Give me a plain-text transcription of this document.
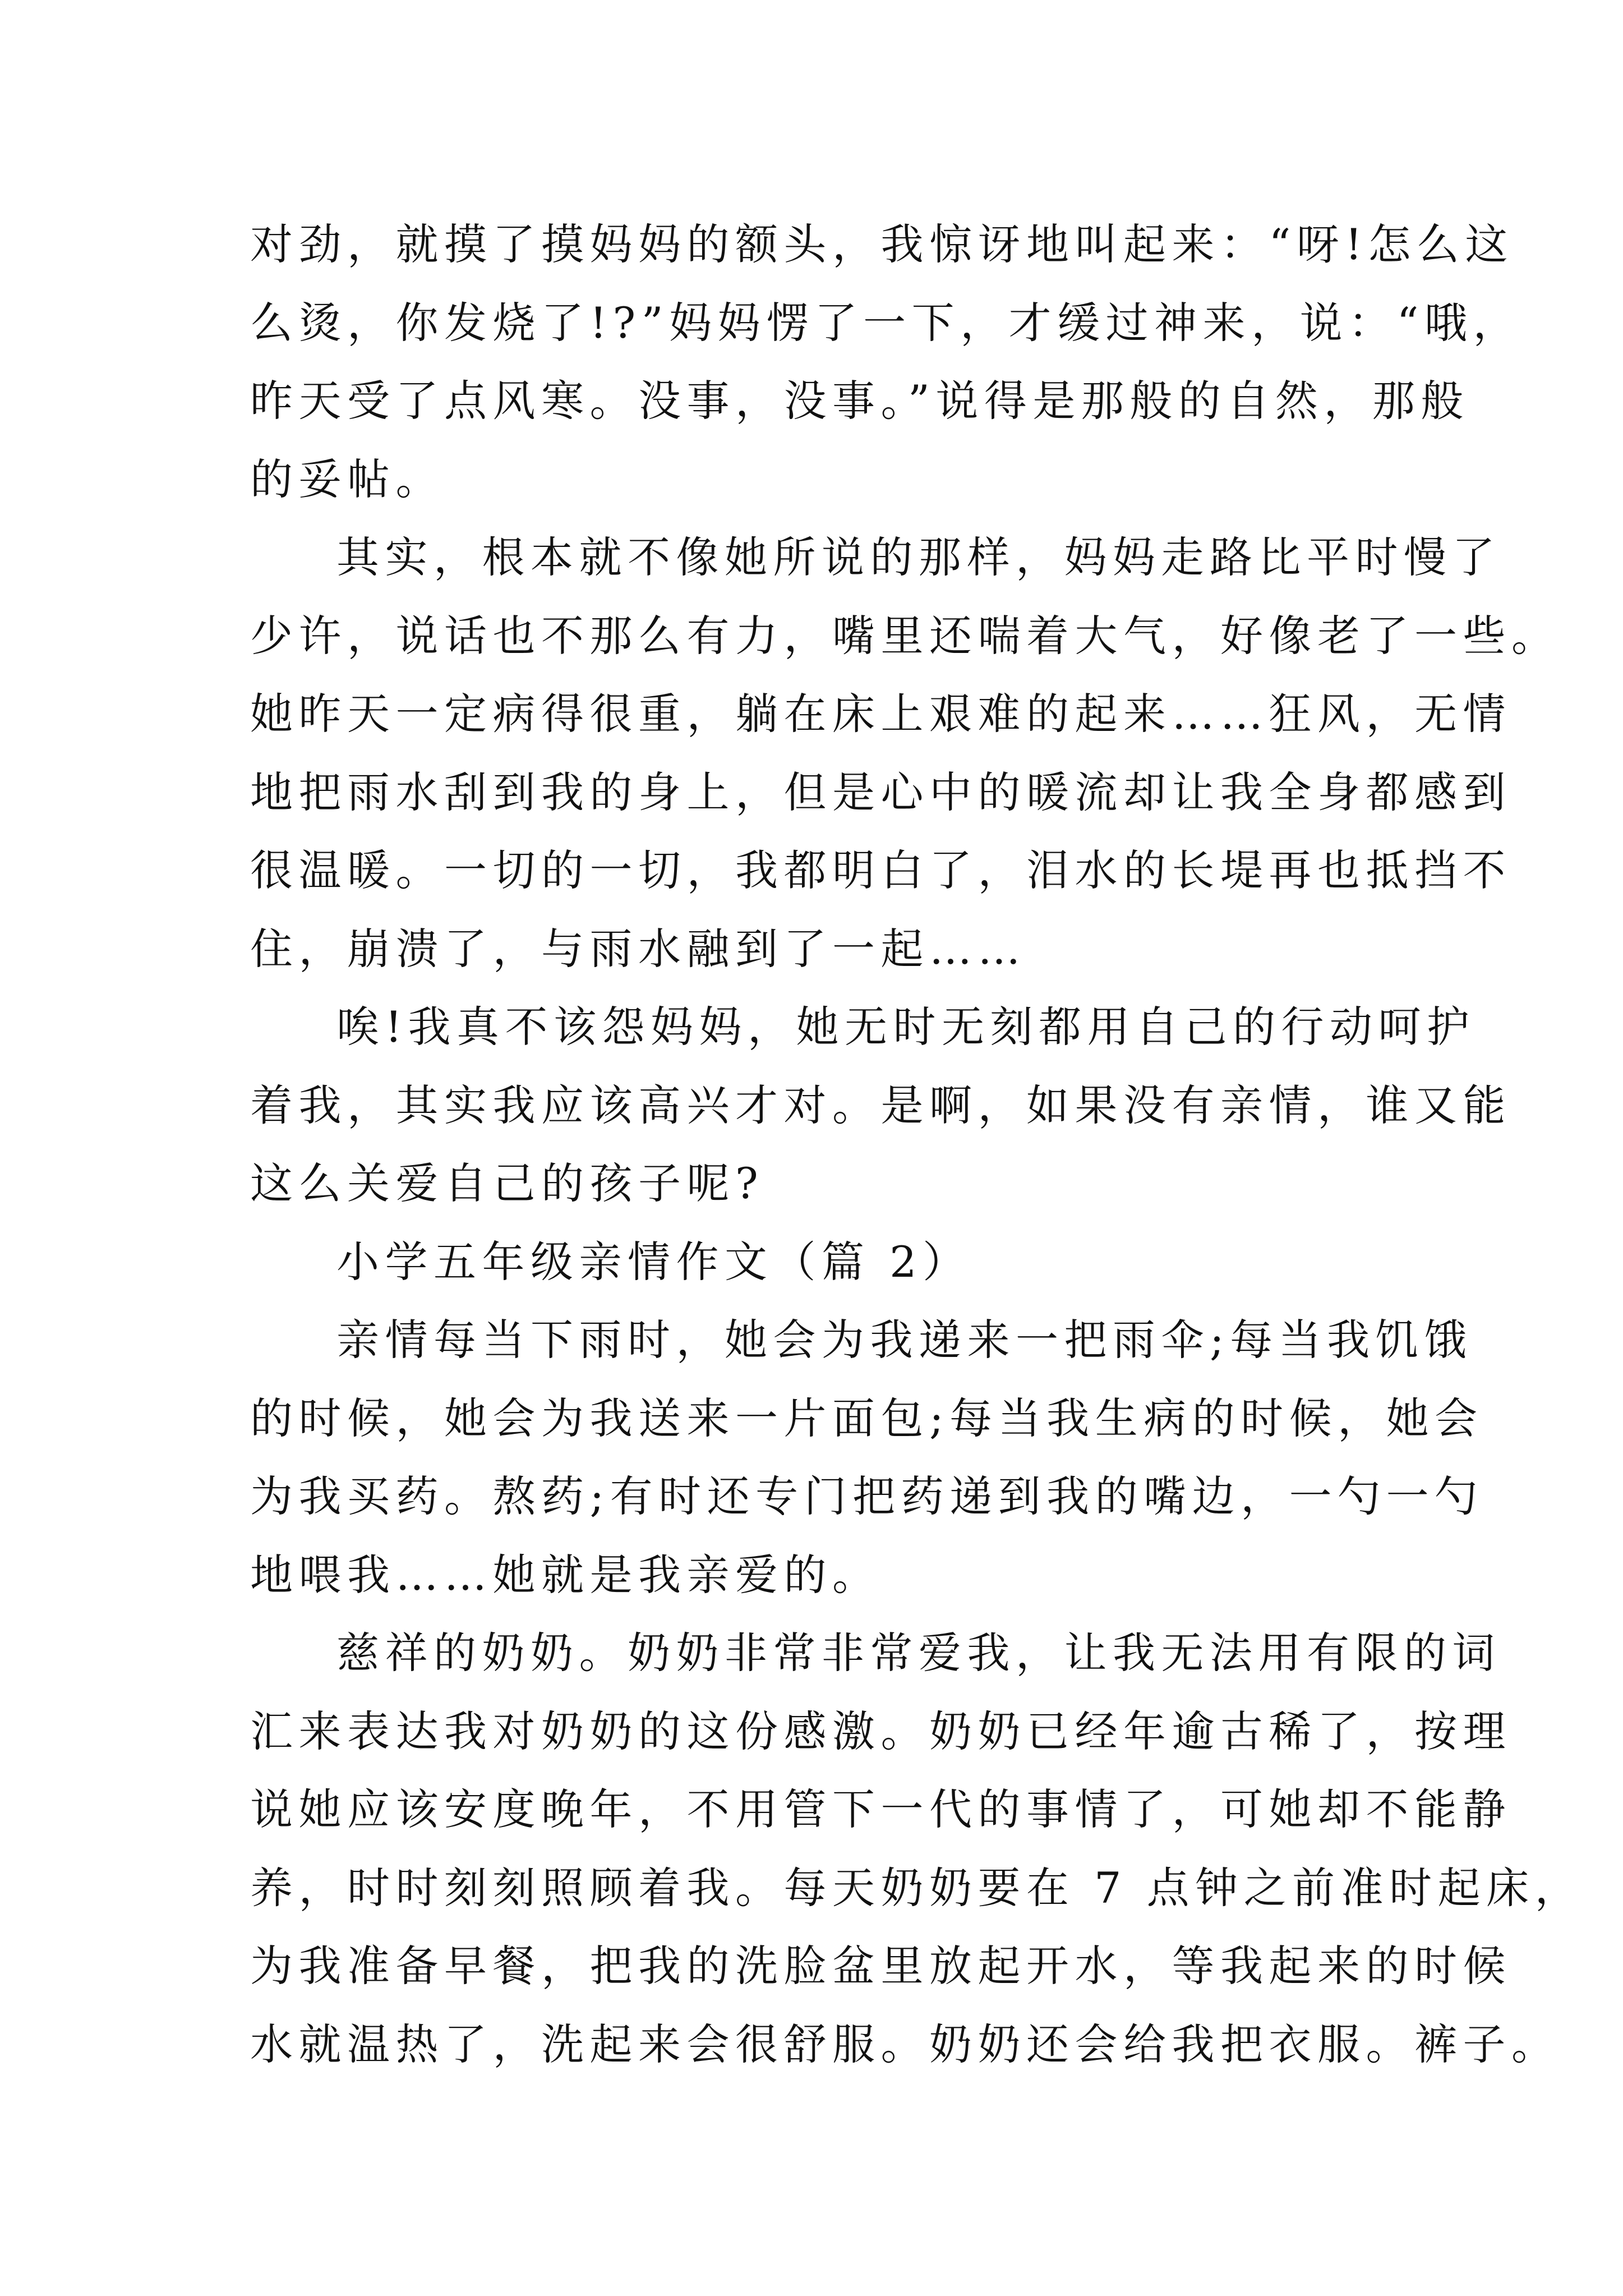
对劲，就摸了摸妈妈的额头，我惊讶地叫起来：“呀!怎么这
么烫，你发烧了!?”妈妈愣了一下，才缓过神来，说：“哦，
昨天受了点风寒。没事，没事。”说得是那般的自然，那般
的妥帖。
其实，根本就不像她所说的那样，妈妈走路比平时慢了
少许，说话也不那么有力，嘴里还喘着大气，好像老了一些。
她昨天一定病得很重，躺在床上艰难的起来……狂风，无情
地把雨水刮到我的身上，但是心中的暖流却让我全身都感到
很温暖。一切的一切，我都明白了，泪水的长堤再也抵挡不
住，崩溃了，与雨水融到了一起……
唉!我真不该怨妈妈，她无时无刻都用自己的行动呵护
着我，其实我应该高兴才对。是啊，如果没有亲情，谁又能
这么关爱自己的孩子呢?
小学五年级亲情作文（篇 2）
亲情每当下雨时，她会为我递来一把雨伞;每当我饥饿
的时候，她会为我送来一片面包;每当我生病的时候，她会
为我买药。熬药;有时还专门把药递到我的嘴边，一勺一勺
地喂我……她就是我亲爱的。
慈祥的奶奶。奶奶非常非常爱我，让我无法用有限的词
汇来表达我对奶奶的这份感激。奶奶已经年逾古稀了，按理
说她应该安度晚年，不用管下一代的事情了，可她却不能静
养，时时刻刻照顾着我。每天奶奶要在 7 点钟之前准时起床，
为我准备早餐，把我的洗脸盆里放起开水，等我起来的时候
水就温热了，洗起来会很舒服。奶奶还会给我把衣服。裤子。
